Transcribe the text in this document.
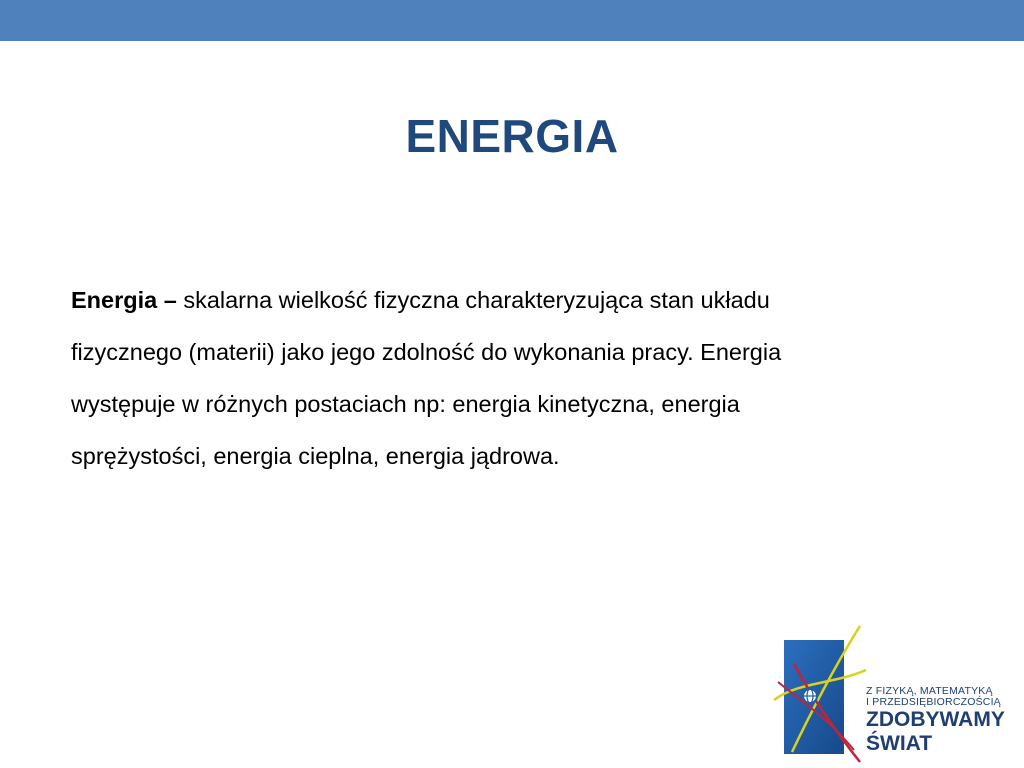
ENERGIA

Energia – skalarna wielkość fizyczna charakteryzująca stan układu
fizycznego (materii) jako jego zdolność do wykonania pracy. Energia
występuje w różnych postaciach np: energia kinetyczna, energia
sprężystości, energia cieplna, energia jądrowa.

Z FIZYKĄ, MATEMATYKĄ
I PRZEDSIĘBIORCZOŚCIĄ
ZDOBYWAMY
ŚWIAT
